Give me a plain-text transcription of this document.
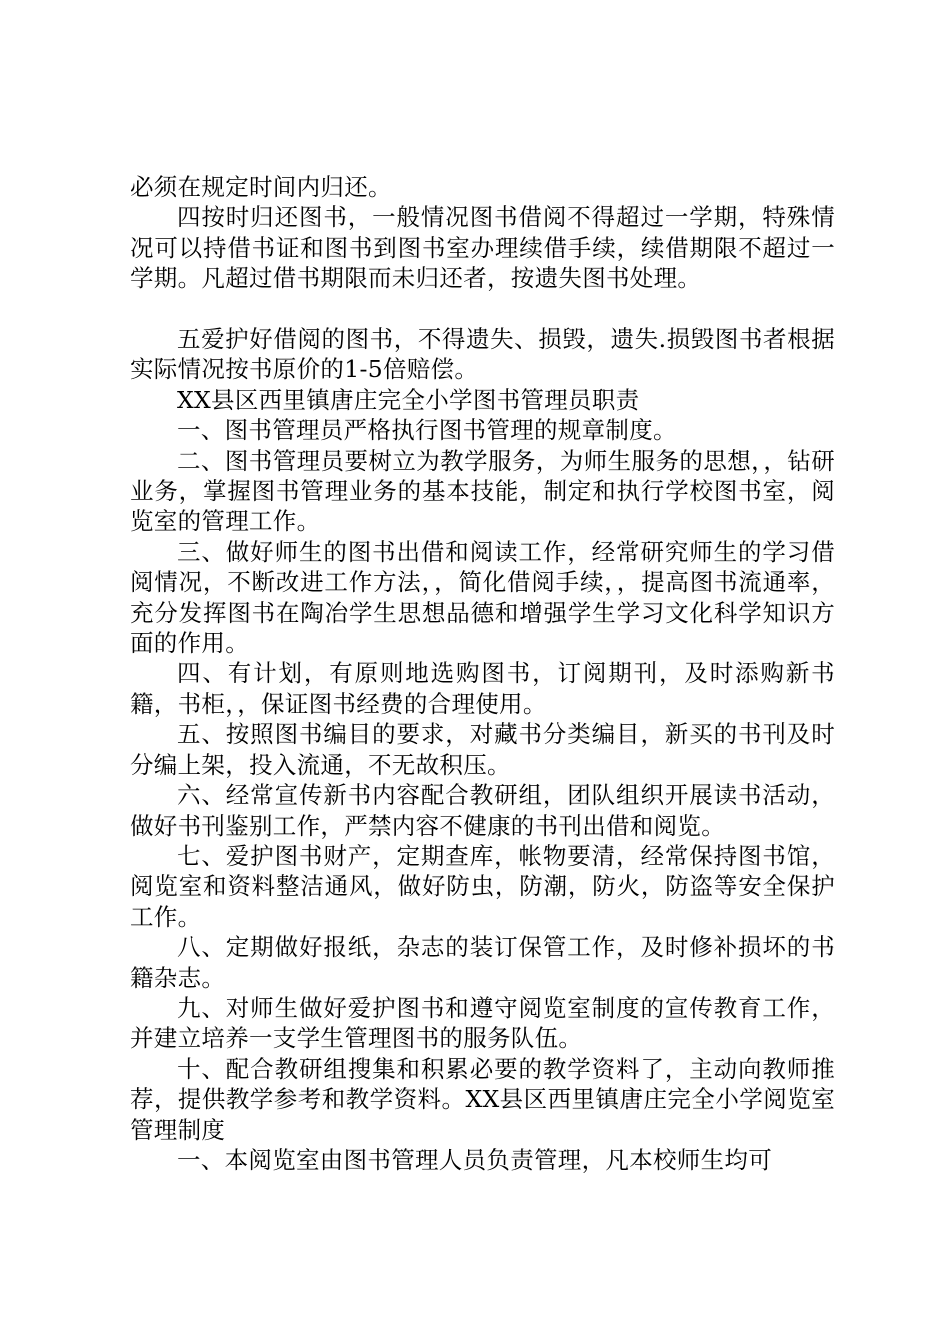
必须在规定时间内归还。

四按时归还图书，一般情况图书借阅不得超过一学期，特殊情况可以持借书证和图书到图书室办理续借手续，续借期限不超过一学期。凡超过借书期限而未归还者，按遗失图书处理。

五爱护好借阅的图书，不得遗失、损毁，遗失.损毁图书者根据实际情况按书原价的1-5倍赔偿。

XX县区西里镇唐庄完全小学图书管理员职责

一、图书管理员严格执行图书管理的规章制度。

二、图书管理员要树立为教学服务，为师生服务的思想，，钻研业务，掌握图书管理业务的基本技能，制定和执行学校图书室，阅览室的管理工作。

三、做好师生的图书出借和阅读工作，经常研究师生的学习借阅情况，不断改进工作方法，，简化借阅手续，，提高图书流通率，充分发挥图书在陶冶学生思想品德和增强学生学习文化科学知识方面的作用。

四、有计划，有原则地选购图书，订阅期刊，及时添购新书籍，书柜，，保证图书经费的合理使用。

五、按照图书编目的要求，对藏书分类编目，新买的书刊及时分编上架，投入流通，不无故积压。

六、经常宣传新书内容配合教研组，团队组织开展读书活动，做好书刊鉴别工作，严禁内容不健康的书刊出借和阅览。

七、爱护图书财产，定期查库，帐物要清，经常保持图书馆，阅览室和资料整洁通风，做好防虫，防潮，防火，防盗等安全保护工作。

八、定期做好报纸，杂志的装订保管工作，及时修补损坏的书籍杂志。

九、对师生做好爱护图书和遵守阅览室制度的宣传教育工作，并建立培养一支学生管理图书的服务队伍。

十、配合教研组搜集和积累必要的教学资料了，主动向教师推荐，提供教学参考和教学资料。XX县区西里镇唐庄完全小学阅览室管理制度

一、本阅览室由图书管理人员负责管理，凡本校师生均可
